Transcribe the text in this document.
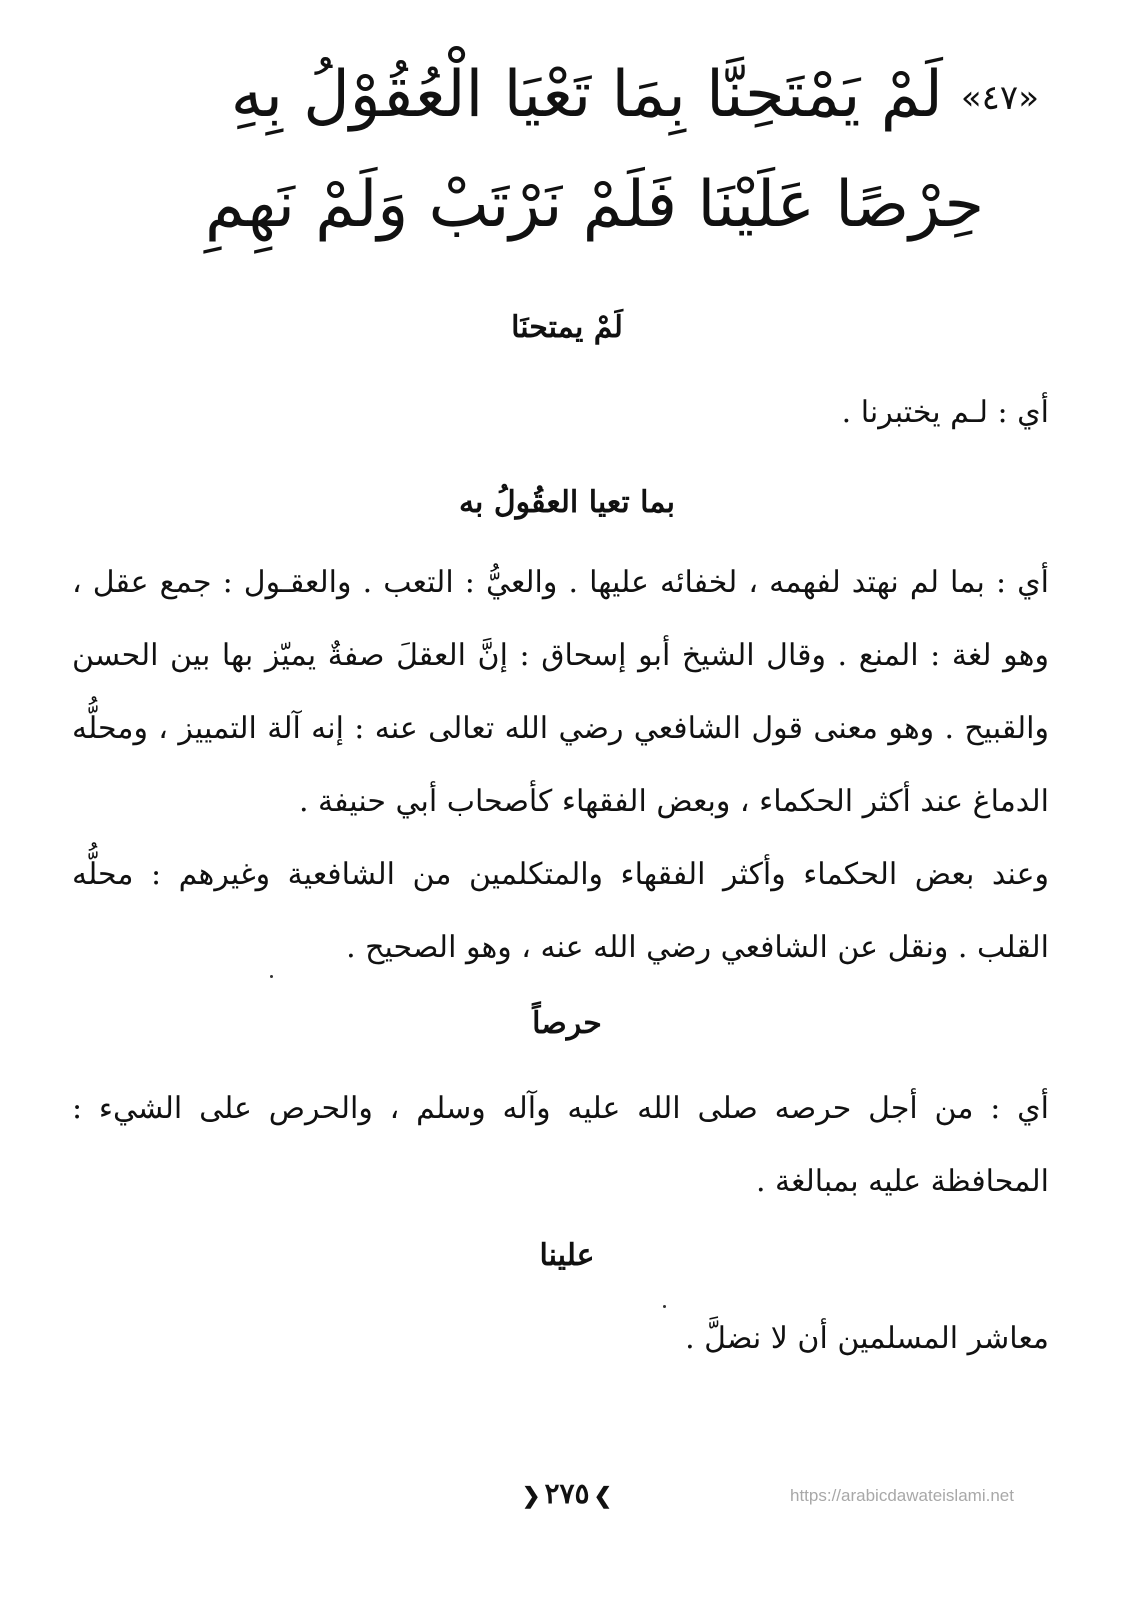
«٤٧»لَمْ يَمْتَحِنَّا بِمَا تَعْيَا الْعُقُوْلُ بِهِ
حِرْصًا عَلَيْنَا فَلَمْ نَرْتَبْ وَلَمْ نَهِمِ
لَمْ يمتحنَا
أي : لـم يختبرنا .
بما تعيا العقُولُ به
أي : بما لم نهتد لفهمه ، لخفائه عليها . والعيُّ : التعب . والعقـول : جمع عقل ، وهو لغة : المنع . وقال الشيخ أبو إسحاق : إنَّ العقلَ صفةٌ يميّز بها بين الحسن والقبيح . وهو معنى قول الشافعي رضي الله تعالى عنه : إنه آلة التمييز ، ومحلُّه الدماغ عند أكثر الحكماء ، وبعض الفقهاء كأصحاب أبي حنيفة .
وعند بعض الحكماء وأكثر الفقهاء والمتكلمين من الشافعية وغيرهم : محلُّه القلب . ونقل عن الشافعي رضي الله عنه ، وهو الصحيح .
حرصاً
أي : من أجل حرصه صلى الله عليه وآله وسلم ، والحرص على الشيء : المحافظة عليه بمبالغة .
علينا
معاشر المسلمين أن لا نضلَّ .
❯٢٧٥❮	https://arabicdawateislami.net
